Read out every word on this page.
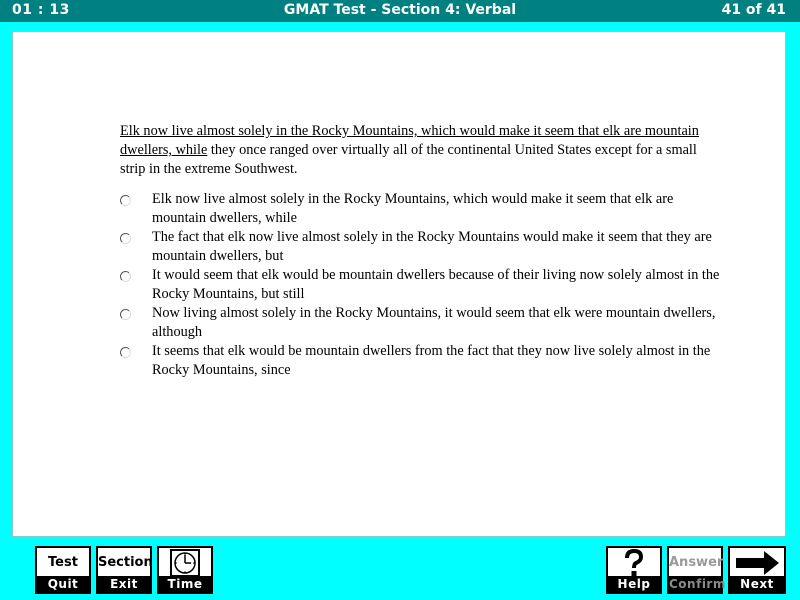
01 : 13	GMAT Test - Section 4: Verbal	41 of 41
Elk now live almost solely in the Rocky Mountains, which would make it seem that elk are mountain dwellers, while they once ranged over virtually all of the continental United States except for a small strip in the extreme Southwest.
Elk now live almost solely in the Rocky Mountains, which would make it seem that elk are mountain dwellers, while
The fact that elk now live almost solely in the Rocky Mountains would make it seem that they are mountain dwellers, but
It would seem that elk would be mountain dwellers because of their living now solely almost in the Rocky Mountains, but still
Now living almost solely in the Rocky Mountains, it would seem that elk were mountain dwellers, although
It seems that elk would be mountain dwellers from the fact that they now live solely almost in the Rocky Mountains, since
Test
Quit
Section
Exit	Time	Help
Answer
Confirm	Next
